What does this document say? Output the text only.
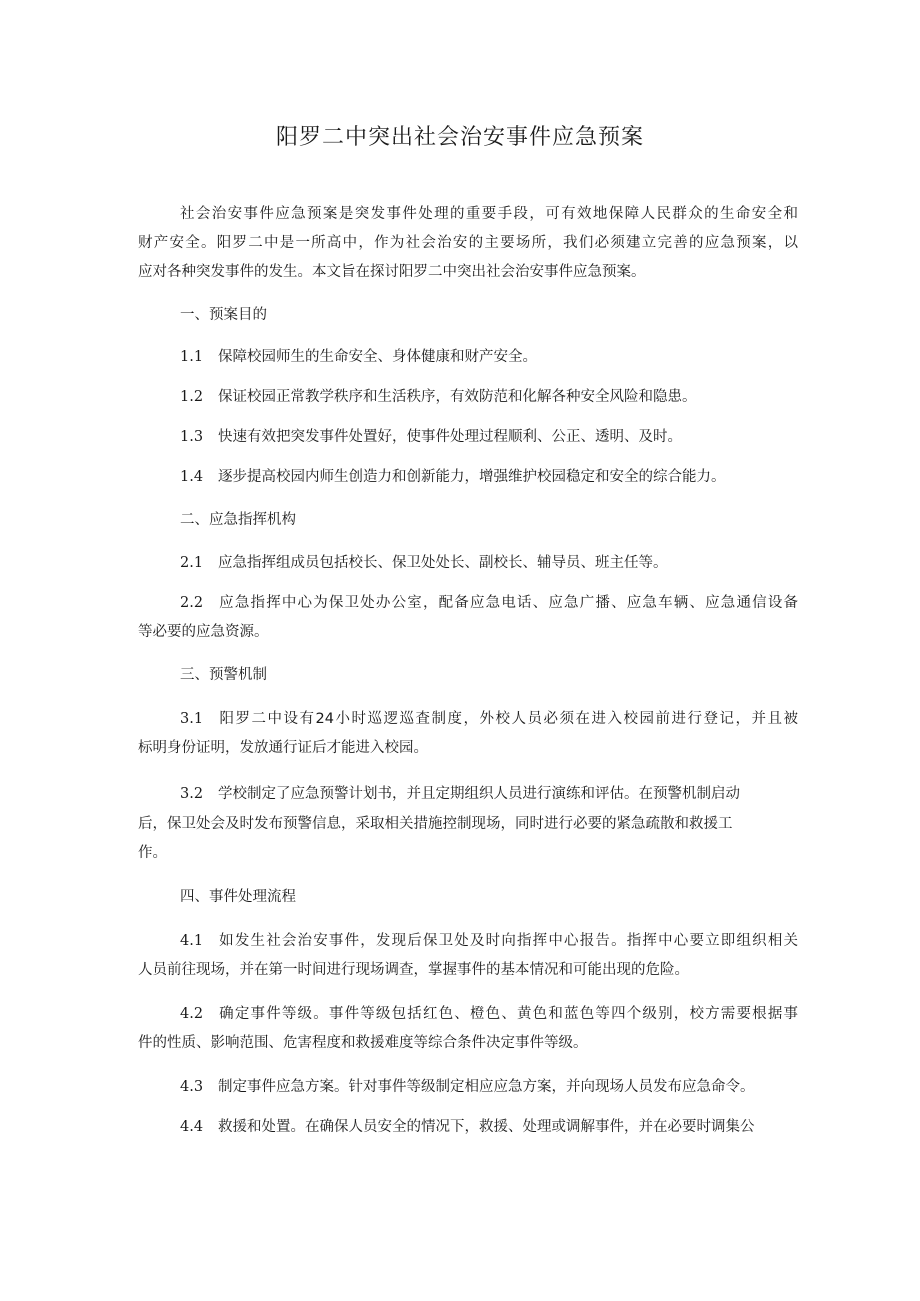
阳罗二中突出社会治安事件应急预案
社会治安事件应急预案是突发事件处理的重要手段，可有效地保障人民群众的生命安全和
财产安全。阳罗二中是一所高中，作为社会治安的主要场所，我们必须建立完善的应急预案，以
应对各种突发事件的发生。本文旨在探讨阳罗二中突出社会治安事件应急预案。
一、预案目的
1.1 保障校园师生的生命安全、身体健康和财产安全。
1.2 保证校园正常教学秩序和生活秩序，有效防范和化解各种安全风险和隐患。
1.3 快速有效把突发事件处置好，使事件处理过程顺利、公正、透明、及时。
1.4 逐步提高校园内师生创造力和创新能力，增强维护校园稳定和安全的综合能力。
二、应急指挥机构
2.1 应急指挥组成员包括校长、保卫处处长、副校长、辅导员、班主任等。
2.2 应急指挥中心为保卫处办公室，配备应急电话、应急广播、应急车辆、应急通信设备
等必要的应急资源。
三、预警机制
3.1 阳罗二中设有24小时巡逻巡査制度，外校人员必须在进入校园前进行登记，并且被
标明身份证明，发放通行证后才能进入校园。
3.2 学校制定了应急预警计划书，并且定期组织人员进行演练和评估。在预警机制启动
后，保卫处会及时发布预警信息，采取相关措施控制现场，同时进行必要的紧急疏散和救援工
作。
四、事件处理流程
4.1 如发生社会治安事件，发现后保卫处及时向指挥中心报告。指挥中心要立即组织相关
人员前往现场，并在第一时间进行现场调查，掌握事件的基本情况和可能出现的危险。
4.2 确定事件等级。事件等级包括红色、橙色、黄色和蓝色等四个级别，校方需要根据事
件的性质、影响范围、危害程度和救援难度等综合条件决定事件等级。
4.3 制定事件应急方案。针对事件等级制定相应应急方案，并向现场人员发布应急命令。
4.4 救援和处置。在确保人员安全的情况下，救援、处理或调解事件，并在必要时调集公
